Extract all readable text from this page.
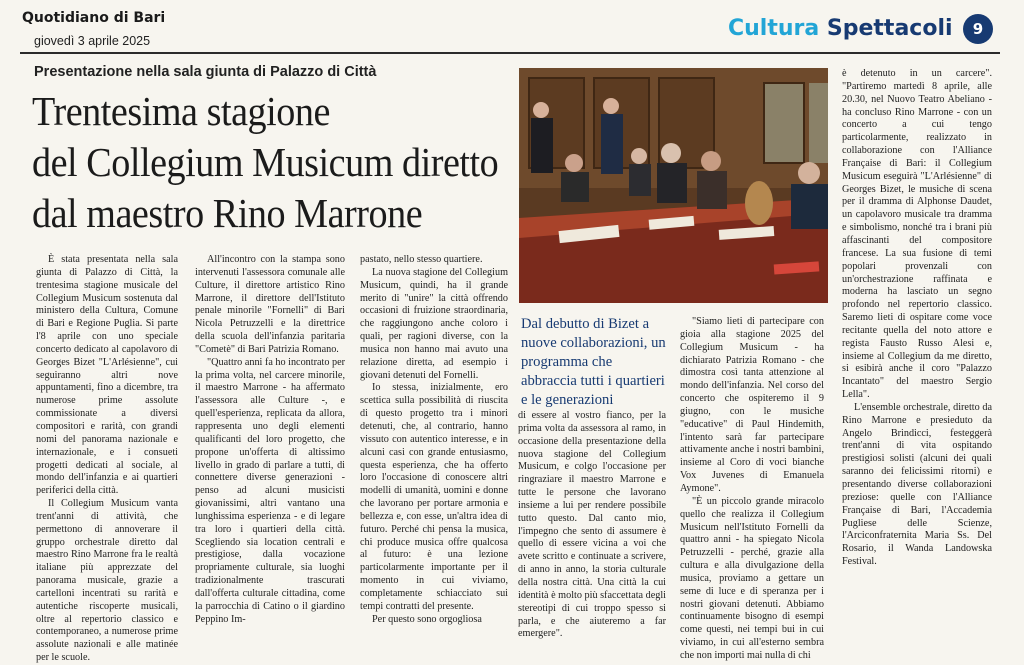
Quotidiano di Bari
giovedì 3 aprile 2025	Cultura Spettacoli	9
Presentazione nella sala giunta di Palazzo di Città
Trentesima stagione
del Collegium Musicum diretto
dal maestro Rino Marrone
Dal debutto di Bizet a nuove collaborazioni, un programma che abbraccia tutti i quartieri e le generazioni

È stata presentata nella sala giunta di Palazzo di Città, la trentesima stagione musicale del Collegium Musicum sostenuta dal ministero della Cultura, Comune di Bari e Regione Puglia. Si parte l'8 aprile con uno speciale concerto dedicato al capolavoro di Georges Bizet "L'Arlésienne", cui seguiranno altri nove appuntamenti, fino a dicembre, tra numerose prime assolute commissionate a diversi compositori e rarità, con grandi nomi del panorama nazionale e internazionale, e i consueti progetti dedicati al sociale, al mondo dell'infanzia e ai quartieri periferici della città.

Il Collegium Musicum vanta trent'anni di attività, che permettono di annoverare il gruppo orchestrale diretto dal maestro Rino Marrone fra le realtà italiane più apprezzate del panorama musicale, grazie a cartelloni incentrati su rarità e autentiche riscoperte musicali, oltre al repertorio classico e contemporaneo, a numerose prime assolute nazionali e alle matinée per le scuole.

All'incontro con la stampa sono intervenuti l'assessora comunale alle Culture, il direttore artistico Rino Marrone, il direttore dell'Istituto penale minorile "Fornelli" di Bari Nicola Petruzzelli e la direttrice della scuola dell'infanzia paritaria "Cometè" di Bari Patrizia Romano.

"Quattro anni fa ho incontrato per la prima volta, nel carcere minorile, il maestro Marrone - ha affermato l'assessora alle Culture -, e quell'esperienza, replicata da allora, rappresenta uno degli elementi qualificanti del loro progetto, che propone un'offerta di altissimo livello in grado di parlare a tutti, di connettere diverse generazioni - penso ad alcuni musicisti giovanissimi, altri vantano una lunghissima esperienza - e di legare tra loro i quartieri della città. Scegliendo sia location centrali e prestigiose, dalla vocazione propriamente culturale, sia luoghi tradizionalmente trascurati dall'offerta culturale cittadina, come la parrocchia di Catino o il giardino Peppino Im-

pastato, nello stesso quartiere.

La nuova stagione del Collegium Musicum, quindi, ha il grande merito di "unire" la città offrendo occasioni di fruizione straordinaria, che raggiungono anche coloro i quali, per ragioni diverse, con la musica non hanno mai avuto una relazione diretta, ad esempio i giovani detenuti del Fornelli.

Io stessa, inizialmente, ero scettica sulla possibilità di riuscita di questo progetto tra i minori detenuti, che, al contrario, hanno vissuto con autentico interesse, e in alcuni casi con grande entusiasmo, questa esperienza, che ha offerto loro l'occasione di conoscere altri modelli di umanità, uomini e donne che lavorano per portare armonia e bellezza e, con esse, un'altra idea di futuro. Perché chi pensa la musica, chi produce musica offre qualcosa al futuro: è una lezione particolarmente importante per il momento in cui viviamo, completamente schiacciato sui tempi contratti del presente.

Per questo sono orgogliosa

di essere al vostro fianco, per la prima volta da assessora al ramo, in occasione della presentazione della nuova stagione del Collegium Musicum, e colgo l'occasione per ringraziare il maestro Marrone e tutte le persone che lavorano insieme a lui per rendere possibile tutto questo. Dal canto mio, l'impegno che sento di assumere è quello di essere vicina a voi che avete scritto e continuate a scrivere, di anno in anno, la storia culturale della nostra città. Una città la cui identità è molto più sfaccettata degli stereotipi di cui troppo spesso si parla, e che aiuteremo a far emergere".

"Siamo lieti di partecipare con gioia alla stagione 2025 del Collegium Musicum - ha dichiarato Patrizia Romano - che dimostra così tanta attenzione al mondo dell'infanzia. Nel corso del concerto che ospiteremo il 9 giugno, con le musiche "educative" di Paul Hindemith, l'intento sarà far partecipare attivamente anche i nostri bambini, insieme al Coro di voci bianche Vox Juvenes di Emanuela Aymone".

"È un piccolo grande miracolo quello che realizza il Collegium Musicum nell'Istituto Fornelli da quattro anni - ha spiegato Nicola Petruzzelli - perché, grazie alla cultura e alla divulgazione della musica, proviamo a gettare un seme di luce e di speranza per i nostri giovani detenuti. Abbiamo continuamente bisogno di esempi come questi, nei tempi bui in cui viviamo, in cui all'esterno sembra che non importi mai nulla di chi

è detenuto in un carcere". "Partiremo martedì 8 aprile, alle 20.30, nel Nuovo Teatro Abeliano - ha concluso Rino Marrone - con un concerto a cui tengo particolarmente, realizzato in collaborazione con l'Alliance Française di Bari: il Collegium Musicum eseguirà "L'Arlésienne" di Georges Bizet, le musiche di scena per il dramma di Alphonse Daudet, un capolavoro musicale tra dramma e simbolismo, nonché tra i brani più affascinanti del compositore francese. La sua fusione di temi popolari provenzali con un'orchestrazione raffinata e moderna ha lasciato un segno profondo nel repertorio classico. Saremo lieti di ospitare come voce recitante quella del noto attore e regista Fausto Russo Alesi e, insieme al Collegium da me diretto, si esibirà anche il coro "Palazzo Incantato" del maestro Sergio Lella".

L'ensemble orchestrale, diretto da Rino Marrone e presieduto da Angelo Brindicci, festeggerà trent'anni di vita ospitando prestigiosi solisti (alcuni dei quali saranno dei felicissimi ritorni) e presentando diverse collaborazioni preziose: quelle con l'Alliance Française di Bari, l'Accademia Pugliese delle Scienze, l'Arciconfraternita Maria Ss. Del Rosario, il Wanda Landowska Festival.
